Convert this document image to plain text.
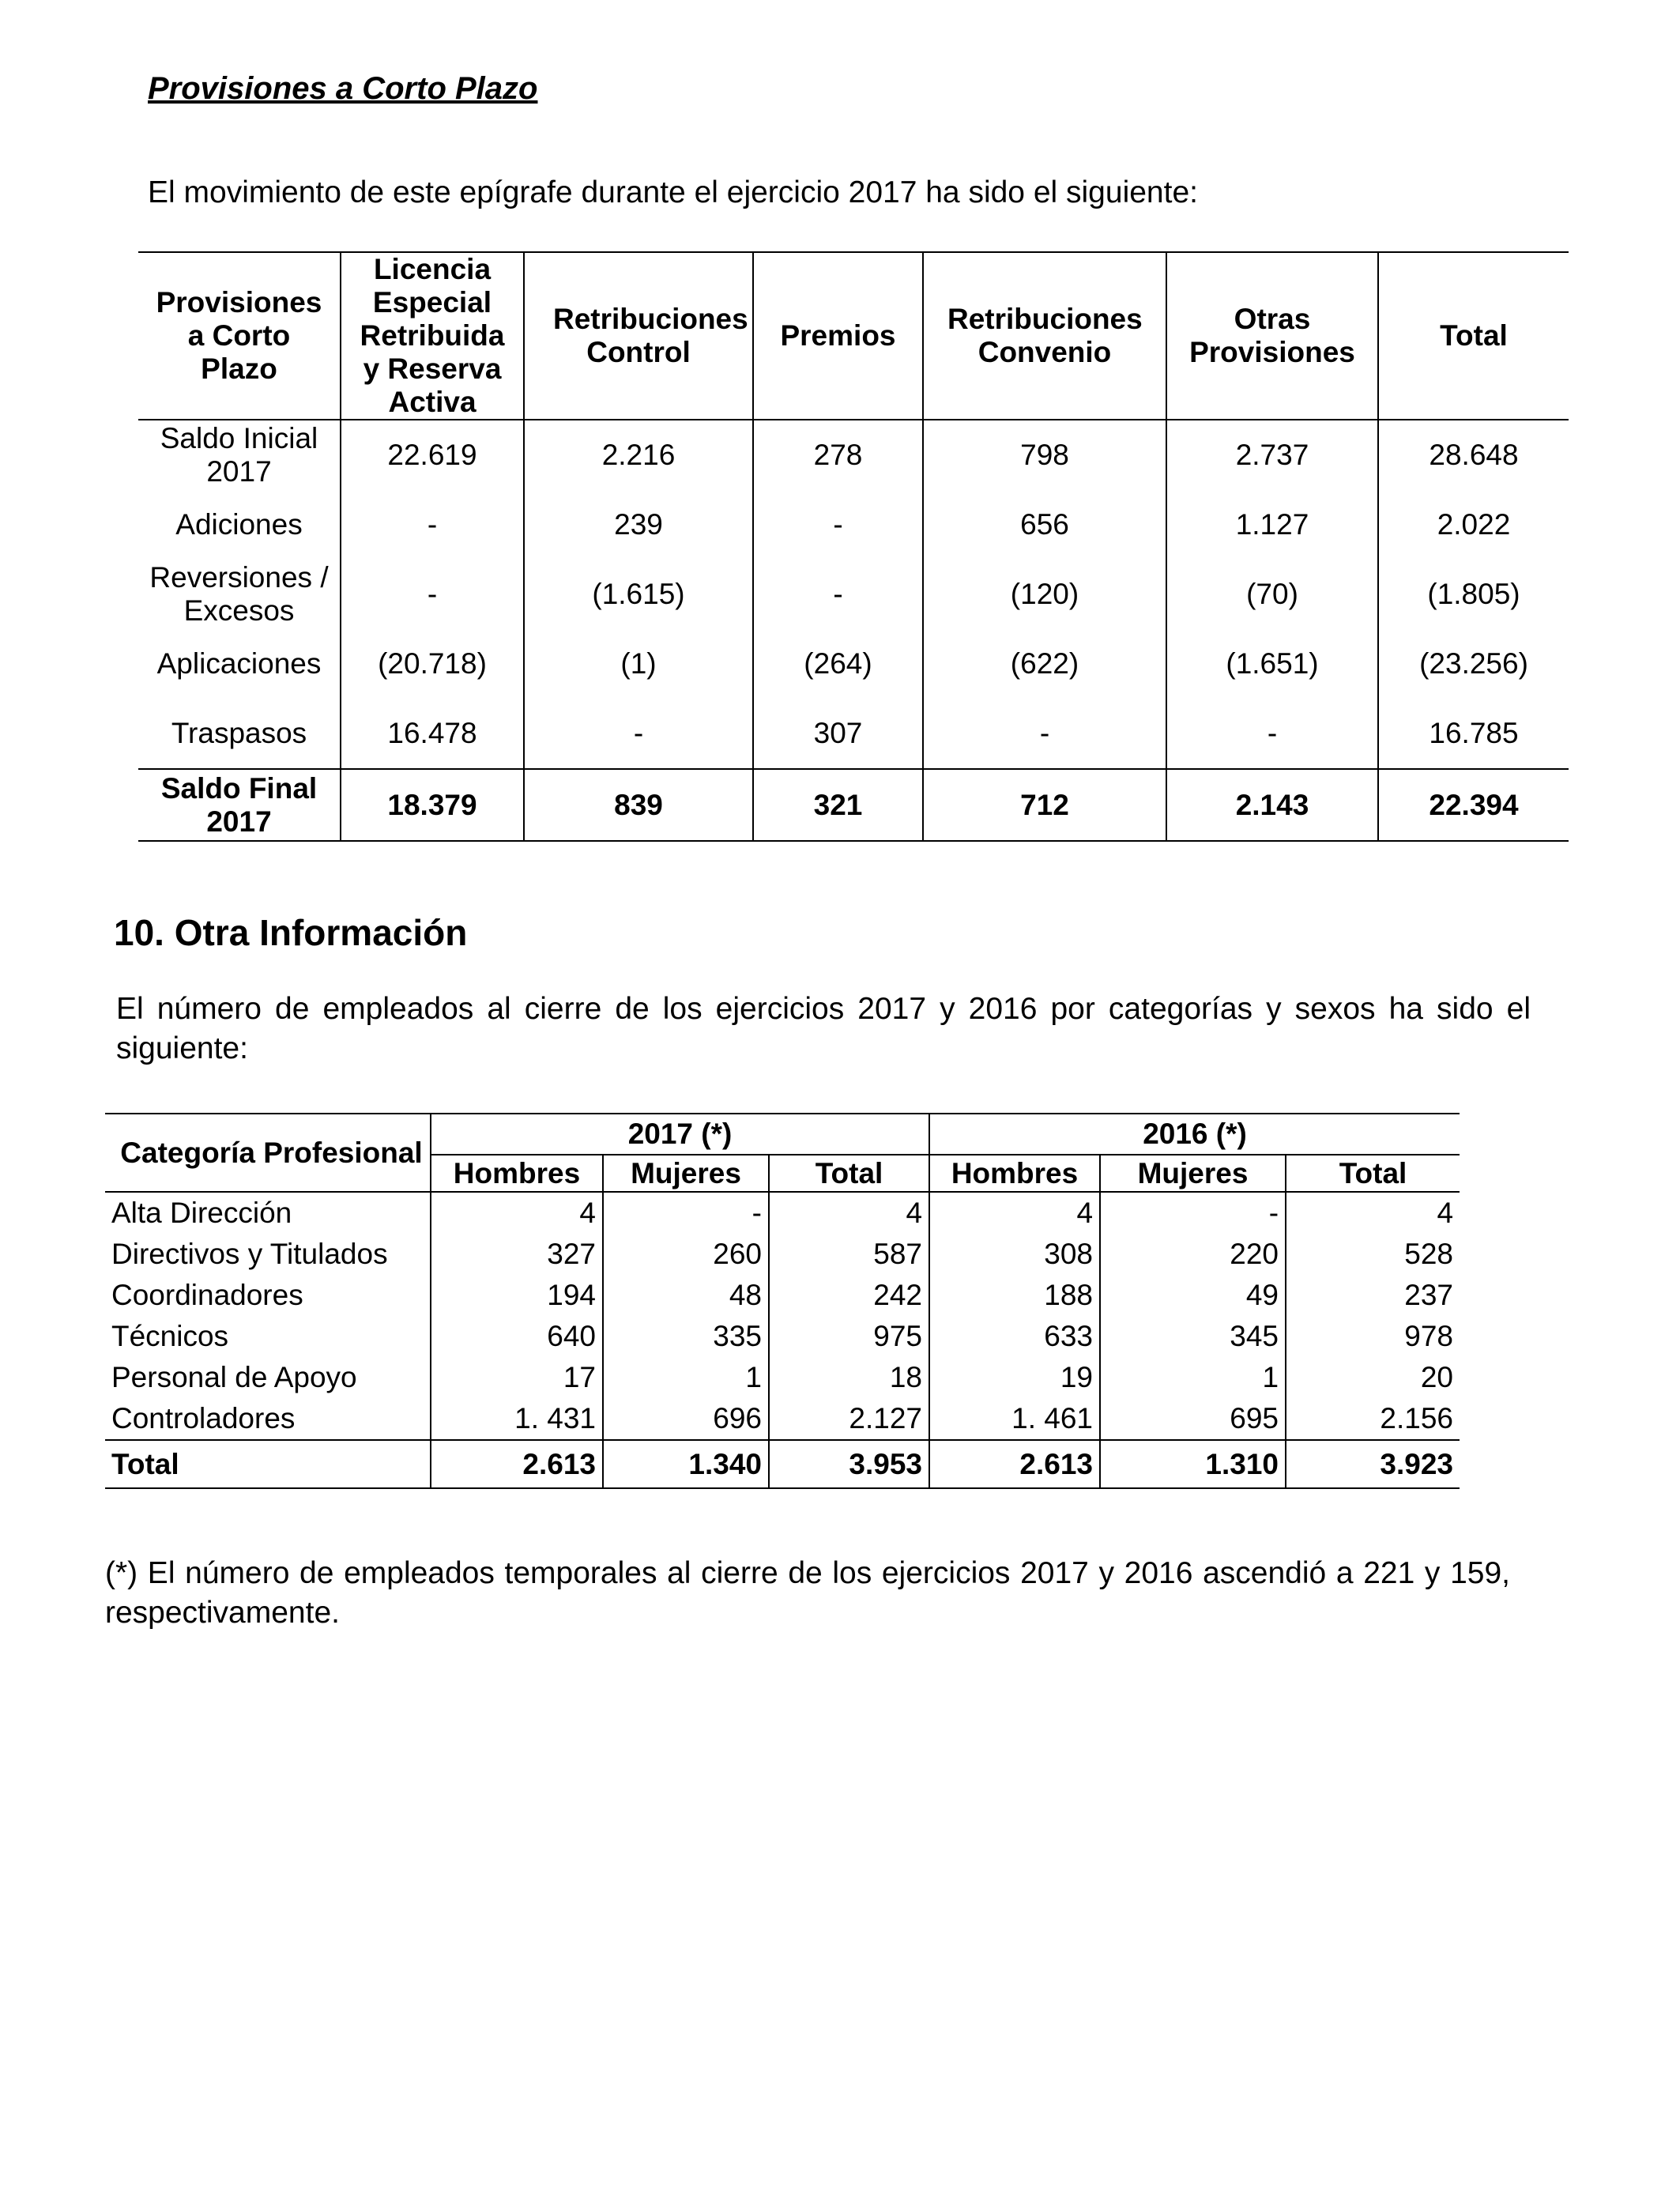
Provisiones a Corto Plazo
El movimiento de este epígrafe durante el ejercicio 2017 ha sido el siguiente:
Provisiones a Corto Plazo	Licencia Especial Retribuida y Reserva Activa	Retribuciones Control	Premios	Retribuciones Convenio	Otras Provisiones	Total
Saldo Inicial 2017	22.619	2.216	278	798	2.737	28.648
Adiciones	-	239	-	656	1.127	2.022
Reversiones / Excesos	-	(1.615)	-	(120)	(70)	(1.805)
Aplicaciones	(20.718)	(1)	(264)	(622)	(1.651)	(23.256)
Traspasos	16.478	-	307	-	-	16.785
Saldo Final 2017	18.379	839	321	712	2.143	22.394
10. Otra Información
El número de empleados al cierre de los ejercicios 2017 y 2016 por categorías y sexos ha sido el siguiente:
Categoría Profesional	2017 (*)			2016 (*)		
	Hombres	Mujeres	Total	Hombres	Mujeres	Total
Alta Dirección	4	-	4	4	-	4
Directivos y Titulados	327	260	587	308	220	528
Coordinadores	194	48	242	188	49	237
Técnicos	640	335	975	633	345	978
Personal de Apoyo	17	1	18	19	1	20
Controladores	1. 431	696	2.127	1. 461	695	2.156
Total	2.613	1.340	3.953	2.613	1.310	3.923
(*) El número de empleados temporales al cierre de los ejercicios 2017 y 2016 ascendió a 221 y 159, respectivamente.
